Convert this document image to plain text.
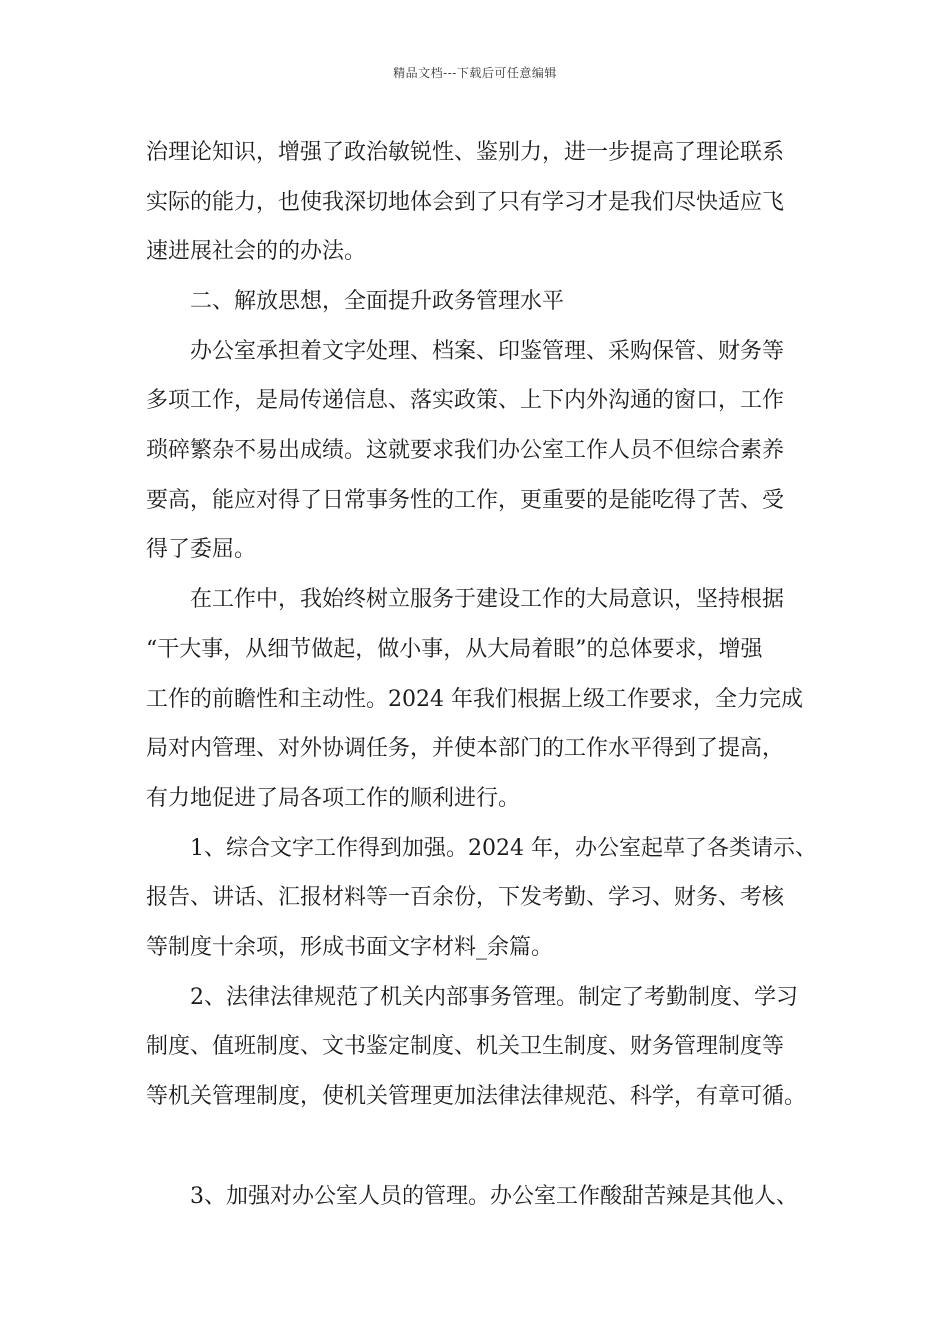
精品文档---下载后可任意编辑
治理论知识，增强了政治敏锐性、鉴别力，进一步提高了理论联系
实际的能力，也使我深切地体会到了只有学习才是我们尽快适应飞
速进展社会的的办法。
二、解放思想，全面提升政务管理水平
办公室承担着文字处理、档案、印鉴管理、采购保管、财务等
多项工作，是局传递信息、落实政策、上下内外沟通的窗口，工作
琐碎繁杂不易出成绩。这就要求我们办公室工作人员不但综合素养
要高，能应对得了日常事务性的工作，更重要的是能吃得了苦、受
得了委屈。
在工作中，我始终树立服务于建设工作的大局意识，坚持根据
“干大事，从细节做起，做小事，从大局着眼”的总体要求，增强
工作的前瞻性和主动性。2024 年我们根据上级工作要求，全力完成
局对内管理、对外协调任务，并使本部门的工作水平得到了提高，
有力地促进了局各项工作的顺利进行。
1、综合文字工作得到加强。2024 年，办公室起草了各类请示、
报告、讲话、汇报材料等一百余份，下发考勤、学习、财务、考核
等制度十余项，形成书面文字材料_余篇。
2、法律法律规范了机关内部事务管理。制定了考勤制度、学习
制度、值班制度、文书鉴定制度、机关卫生制度、财务管理制度等
等机关管理制度，使机关管理更加法律法律规范、科学，有章可循。
3、加强对办公室人员的管理。办公室工作酸甜苦辣是其他人、
